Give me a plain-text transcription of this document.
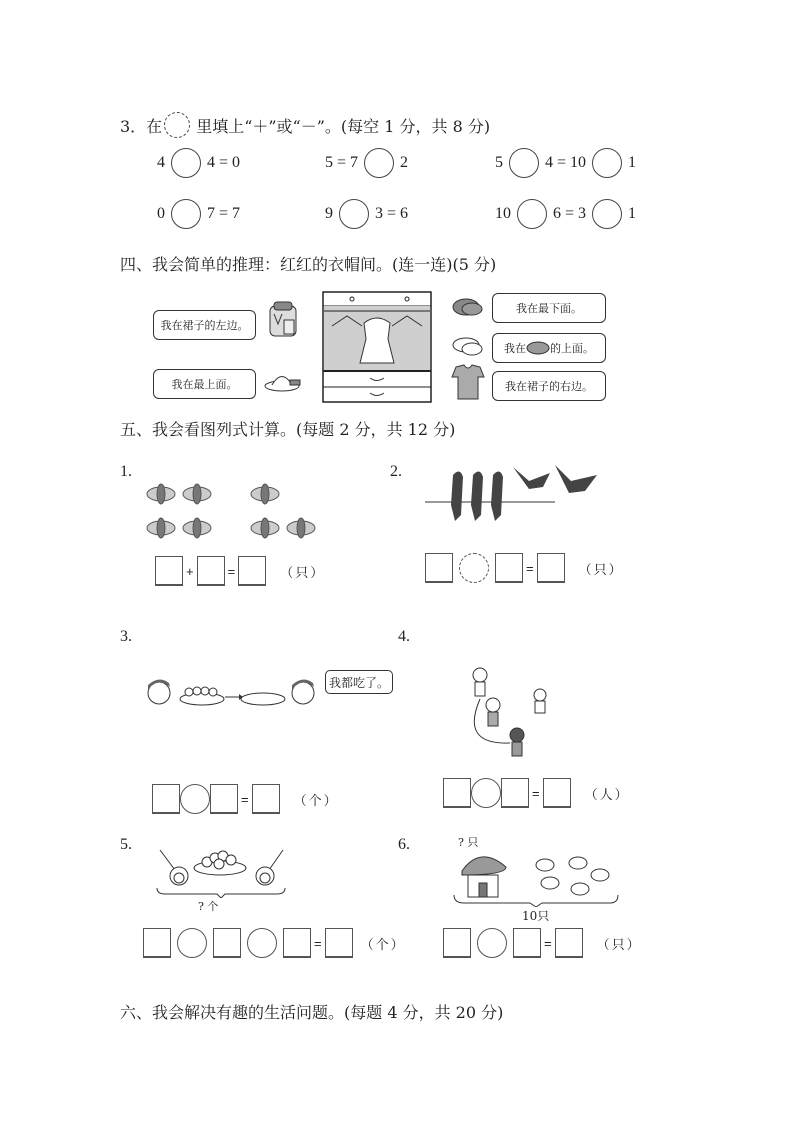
3．在 里填上“＋”或“－”。(每空 1 分，共 8 分)
4	4 = 0	5 = 7	2	5	4 = 10	1
0	7 = 7	9	3 = 6	10	6 = 3	1
四、我会简单的推理：红红的衣帽间。(连一连)(5 分)
我在裙子的左边。
我在最上面。
我在最下面。
我在 的上面。
我在裙子的右边。
五、我会看图列式计算。(每题 2 分，共 12 分)
1.
+	=	（只）
2.
=	（只）
3.
我都吃了。
=	（个）
4.
=	（人）
5.
? 个
=	（个）
6.	? 只
10只
=	（只）
六、我会解决有趣的生活问题。(每题 4 分，共 20 分)
